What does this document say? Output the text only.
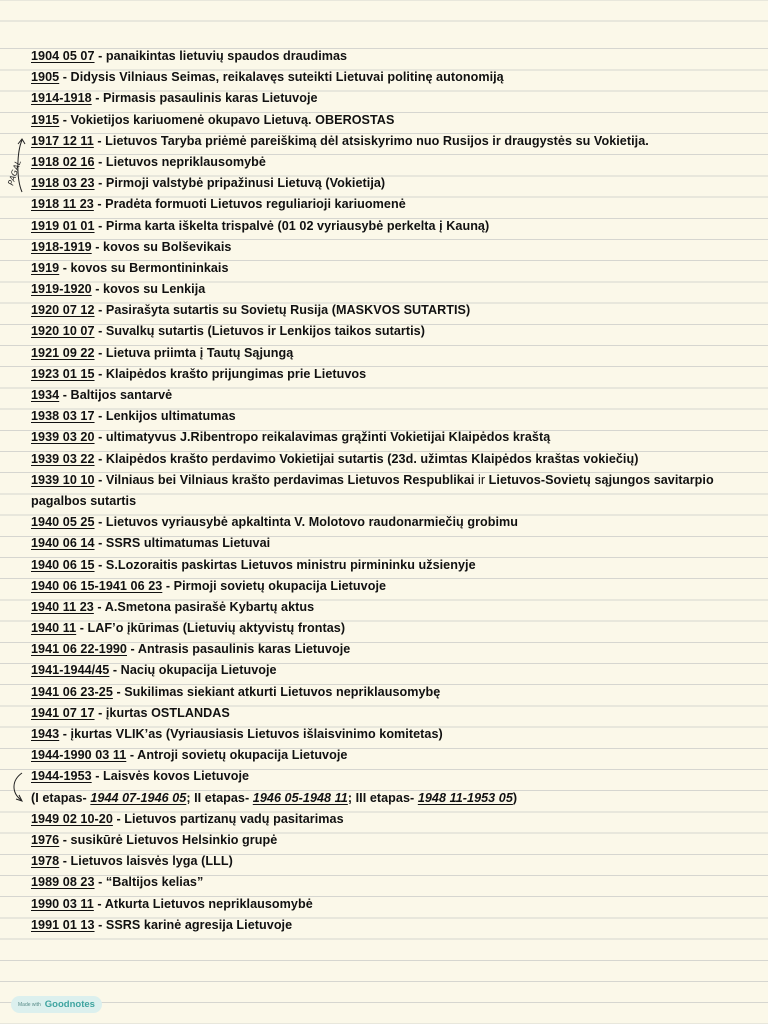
1904 05 07 - panaikintas lietuvių spaudos draudimas
1905 - Didysis Vilniaus Seimas, reikalavęs suteikti Lietuvai politinę autonomiją
1914-1918 - Pirmasis pasaulinis karas Lietuvoje
1915 - Vokietijos kariuomenė okupavo Lietuvą. OBEROSTAS
1917 12 11 - Lietuvos Taryba priėmė pareiškimą dėl atsiskyrimo nuo Rusijos ir draugystės su Vokietija.
1918 02 16 - Lietuvos nepriklausomybė
1918 03 23 - Pirmoji valstybė pripažinusi Lietuvą (Vokietija)
1918 11 23 - Pradėta formuoti Lietuvos reguliarioji kariuomenė
1919 01 01 - Pirma karta iškelta trispalvė (01 02 vyriausybė perkelta į Kauną)
1918-1919 - kovos su Bolševikais
1919 - kovos su Bermontininkais
1919-1920 - kovos su Lenkija
1920 07 12 - Pasirašyta sutartis su Sovietų Rusija (MASKVOS SUTARTIS)
1920 10 07 - Suvalkų sutartis (Lietuvos ir Lenkijos taikos sutartis)
1921 09 22 - Lietuva priimta į Tautų Sąjungą
1923 01 15 - Klaipėdos krašto prijungimas prie Lietuvos
1934 - Baltijos santarvė
1938 03 17 - Lenkijos ultimatumas
1939 03 20 - ultimatyvus J.Ribentropo reikalavimas grąžinti Vokietijai Klaipėdos kraštą
1939 03 22 - Klaipėdos krašto perdavimo Vokietijai sutartis (23d. užimtas Klaipėdos kraštas vokiečių)
1939 10 10 - Vilniaus bei Vilniaus krašto perdavimas Lietuvos Respublikai ir Lietuvos-Sovietų sąjungos savitarpio
pagalbos sutartis
1940 05 25 - Lietuvos vyriausybė apkaltinta V. Molotovo raudonarmiečių grobimu
1940 06 14 - SSRS ultimatumas Lietuvai
1940 06 15 - S.Lozoraitis paskirtas Lietuvos ministru pirmininku užsienyje
1940 06 15-1941 06 23 - Pirmoji sovietų okupacija Lietuvoje
1940 11 23 - A.Smetona pasirašė Kybartų aktus
1940 11 - LAF’o įkūrimas (Lietuvių aktyvistų frontas)
1941 06 22-1990 - Antrasis pasaulinis karas Lietuvoje
1941-1944/45 - Nacių okupacija Lietuvoje
1941 06 23-25 - Sukilimas siekiant atkurti Lietuvos nepriklausomybę
1941 07 17 - įkurtas OSTLANDAS
1943 - įkurtas VLIK’as (Vyriausiasis Lietuvos išlaisvinimo komitetas)
1944-1990 03 11 - Antroji sovietų okupacija Lietuvoje
1944-1953 - Laisvės kovos Lietuvoje
(I etapas- 1944 07-1946 05; II etapas- 1946 05-1948 11; III etapas- 1948 11-1953 05)
1949 02 10-20 - Lietuvos partizanų vadų pasitarimas
1976 - susikūrė Lietuvos Helsinkio grupė
1978 - Lietuvos laisvės lyga (LLL)
1989 08 23 - “Baltijos kelias”
1990 03 11 - Atkurta Lietuvos nepriklausomybė
1991 01 13 - SSRS karinė agresija Lietuvoje
PAGAL
Made with Goodnotes
